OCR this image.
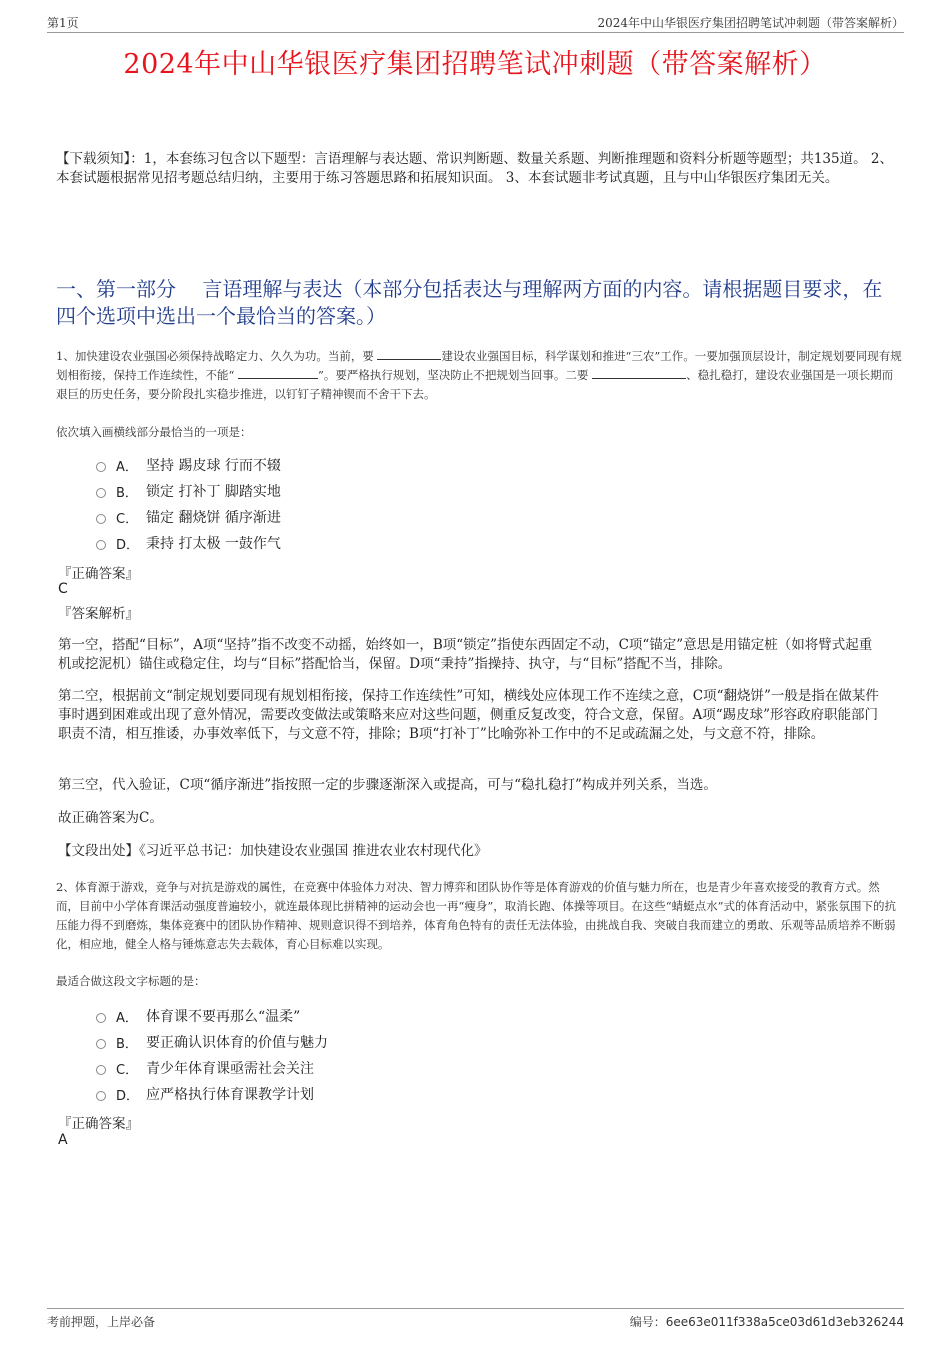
第1页	2024年中山华银医疗集团招聘笔试冲刺题（带答案解析）
2024年中山华银医疗集团招聘笔试冲刺题（带答案解析）
【下载须知】：1，本套练习包含以下题型：言语理解与表达题、常识判断题、数量关系题、判断推理题和资料分析题等题型；共135道。 2、本套试题根据常见招考题总结归纳，主要用于练习答题思路和拓展知识面。 3、本套试题非考试真题，且与中山华银医疗集团无关。
一、第一部分　 言语理解与表达（本部分包括表达与理解两方面的内容。请根据题目要求，在四个选项中选出一个最恰当的答案。）
1、加快建设农业强国必须保持战略定力、久久为功。当前，要	建设农业强国目标，科学谋划和推进“三农”工作。一要加强顶层设计，制定规划要同现有规划相衔接，保持工作连续性，不能“	”。要严格执行规划，坚决防止不把规划当回事。二要	、稳扎稳打，建设农业强国是一项长期而艰巨的历史任务，要分阶段扎实稳步推进，以钉钉子精神锲而不舍干下去。
依次填入画横线部分最恰当的一项是：
A． 坚持 踢皮球 行而不辍
B． 锁定 打补丁 脚踏实地
C． 锚定 翻烧饼 循序渐进
D． 秉持 打太极 一鼓作气
『正确答案』
C
『答案解析』
第一空，搭配“目标”，A项“坚持”指不改变不动摇，始终如一，B项“锁定”指使东西固定不动，C项“锚定”意思是用锚定桩（如将臂式起重机或挖泥机）锚住或稳定住，均与“目标”搭配恰当，保留。D项“秉持”指操持、执守，与“目标”搭配不当，排除。
第二空，根据前文“制定规划要同现有规划相衔接，保持工作连续性”可知，横线处应体现工作不连续之意，C项“翻烧饼”一般是指在做某件事时遇到困难或出现了意外情况，需要改变做法或策略来应对这些问题，侧重反复改变，符合文意，保留。A项“踢皮球”形容政府职能部门职责不清，相互推诿，办事效率低下，与文意不符，排除；B项“打补丁”比喻弥补工作中的不足或疏漏之处，与文意不符，排除。
第三空，代入验证，C项“循序渐进”指按照一定的步骤逐渐深入或提高，可与“稳扎稳打”构成并列关系，当选。
故正确答案为C。
【文段出处】《习近平总书记：加快建设农业强国 推进农业农村现代化》
2、体育源于游戏，竞争与对抗是游戏的属性，在竞赛中体验体力对决、智力博弈和团队协作等是体育游戏的价值与魅力所在，也是青少年喜欢接受的教育方式。然而，目前中小学体育课活动强度普遍较小，就连最体现比拼精神的运动会也一再“瘦身”，取消长跑、体操等项目。在这些“蜻蜓点水”式的体育活动中，紧张氛围下的抗压能力得不到磨炼，集体竞赛中的团队协作精神、规则意识得不到培养，体育角色特有的责任无法体验，由挑战自我、突破自我而建立的勇敢、乐观等品质培养不断弱化，相应地，健全人格与锤炼意志失去载体，育心目标难以实现。
最适合做这段文字标题的是：
A． 体育课不要再那么“温柔”
B． 要正确认识体育的价值与魅力
C． 青少年体育课亟需社会关注
D． 应严格执行体育课教学计划
『正确答案』
A
考前押题，上岸必备	编号：6ee63e011f338a5ce03d61d3eb326244
